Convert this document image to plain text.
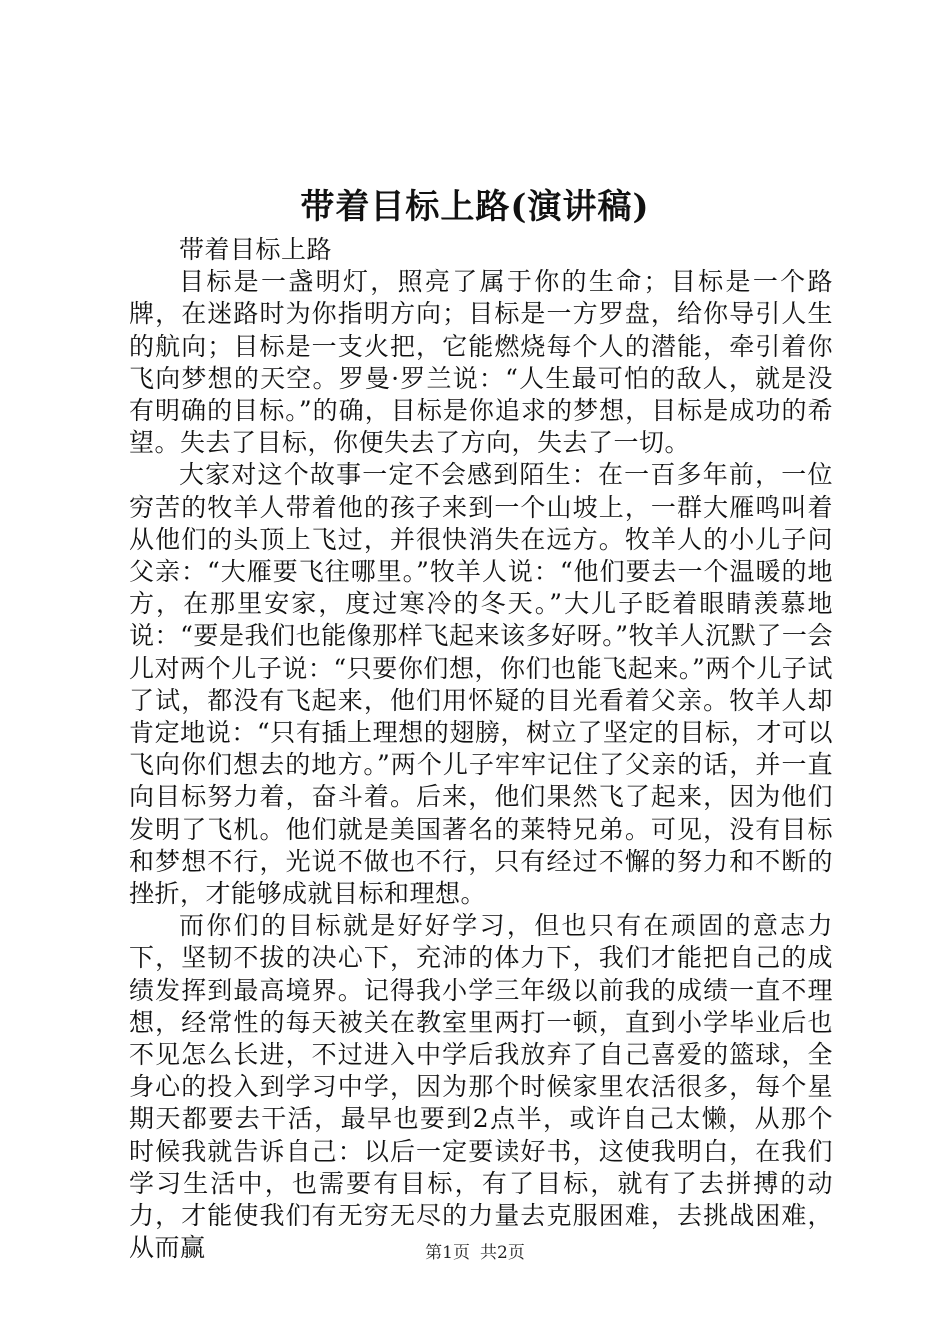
带着目标上路(演讲稿)

带着目标上路

目标是一盏明灯，照亮了属于你的生命；目标是一个路牌，在迷路时为你指明方向；目标是一方罗盘，给你导引人生的航向；目标是一支火把，它能燃烧每个人的潜能，牵引着你飞向梦想的天空。罗曼·罗兰说：“人生最可怕的敌人，就是没有明确的目标。”的确，目标是你追求的梦想，目标是成功的希望。失去了目标，你便失去了方向，失去了一切。

大家对这个故事一定不会感到陌生：在一百多年前，一位穷苦的牧羊人带着他的孩子来到一个山坡上，一群大雁鸣叫着从他们的头顶上飞过，并很快消失在远方。牧羊人的小儿子问父亲：“大雁要飞往哪里。”牧羊人说：“他们要去一个温暖的地方，在那里安家，度过寒冷的冬天。”大儿子眨着眼睛羡慕地说：“要是我们也能像那样飞起来该多好呀。”牧羊人沉默了一会儿对两个儿子说：“只要你们想，你们也能飞起来。”两个儿子试了试，都没有飞起来，他们用怀疑的目光看着父亲。牧羊人却肯定地说：“只有插上理想的翅膀，树立了坚定的目标，才可以飞向你们想去的地方。”两个儿子牢牢记住了父亲的话，并一直向目标努力着，奋斗着。后来，他们果然飞了起来，因为他们发明了飞机。他们就是美国著名的莱特兄弟。可见，没有目标和梦想不行，光说不做也不行，只有经过不懈的努力和不断的挫折，才能够成就目标和理想。

而你们的目标就是好好学习，但也只有在顽固的意志力下，坚韧不拔的决心下，充沛的体力下，我们才能把自己的成绩发挥到最高境界。记得我小学三年级以前我的成绩一直不理想，经常性的每天被关在教室里两打一顿，直到小学毕业后也不见怎么长进，不过进入中学后我放弃了自己喜爱的篮球，全身心的投入到学习中学，因为那个时候家里农活很多，每个星期天都要去干活，最早也要到2点半，或许自己太懒，从那个时候我就告诉自己：以后一定要读好书，这使我明白，在我们学习生活中，也需要有目标，有了目标，就有了去拼搏的动力，才能使我们有无穷无尽的力量去克服困难，去挑战困难，从而赢	第1页 共2页
